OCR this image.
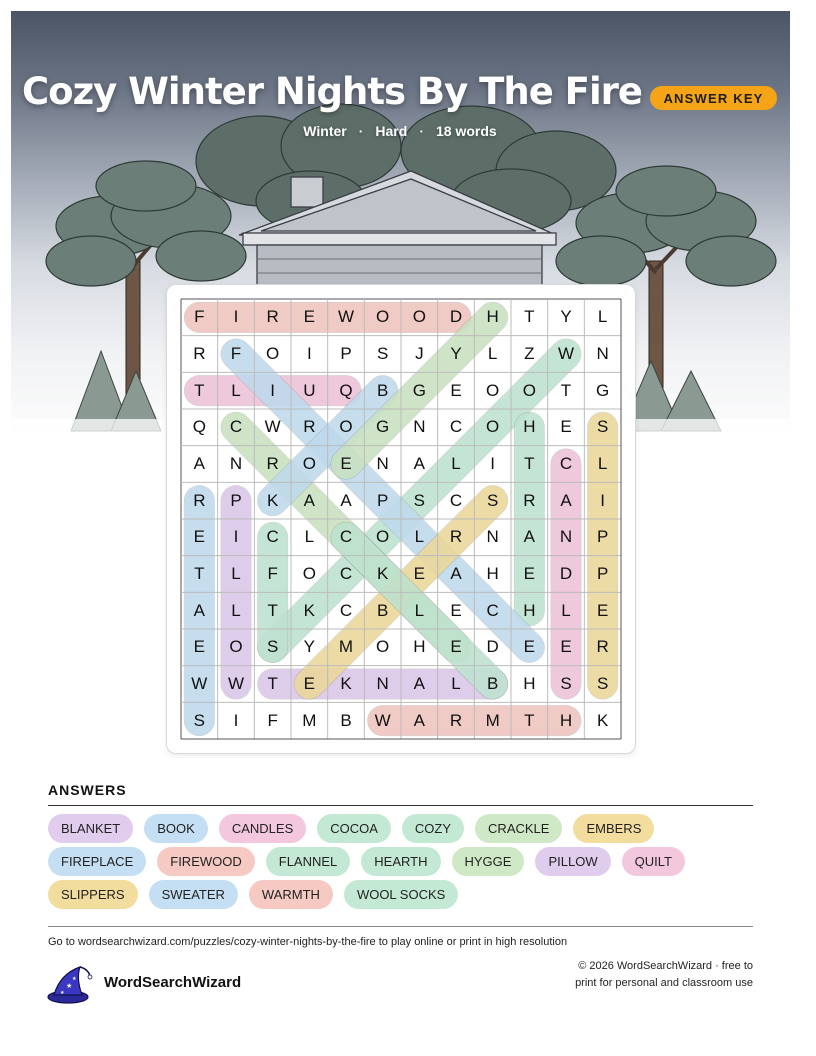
Cozy Winter Nights By The Fire	ANSWER KEY
Winter · Hard · 18 words
F	I	R	E	W	O	O	D	H	T	Y	L
R	F	O	I	P	S	J	Y	L	Z	W	N
T	L	I	U	Q	B	G	E	O	O	T	G
Q	C	W	R	O	G	N	C	O	H	E	S
A	N	R	O	E	N	A	L	I	T	C	L
R	P	K	A	A	P	S	C	S	R	A	I
E	I	C	L	C	O	L	R	N	A	N	P
T	L	F	O	C	K	E	A	H	E	D	P
A	L	T	K	C	B	L	E	C	H	L	E
E	O	S	Y	M	O	H	E	D	E	E	R
W	W	T	E	K	N	A	L	B	H	S	S
S	I	F	M	B	W	A	R	M	T	H	K
ANSWERS
BLANKET	BOOK	CANDLES	COCOA	COZY	CRACKLE	EMBERS
FIREPLACE	FIREWOOD	FLANNEL	HEARTH	HYGGE	PILLOW	QUILT
SLIPPERS	SWEATER	WARMTH	WOOL SOCKS
Go to wordsearchwizard.com/puzzles/cozy-winter-nights-by-the-fire to play online or print in high resolution
★
★
★
WordSearchWizard
© 2026 WordSearchWizard · free to print for personal and classroom use
